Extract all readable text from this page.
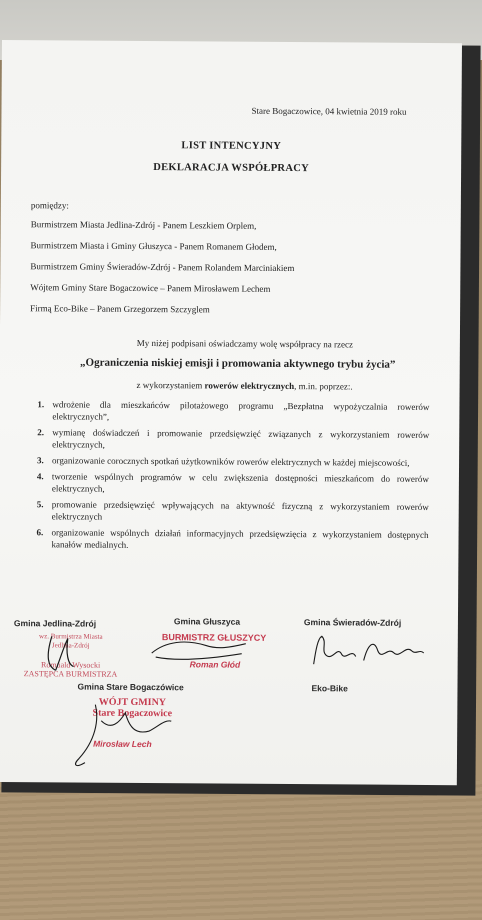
Stare Bogaczowice, 04 kwietnia 2019 roku
LIST INTENCYJNY
DEKLARACJA WSPÓŁPRACY
pomiędzy:
Burmistrzem Miasta Jedlina-Zdrój - Panem Leszkiem Orplem,
Burmistrzem Miasta i Gminy Głuszyca - Panem Romanem Głodem,
Burmistrzem Gminy Świeradów-Zdrój - Panem Rolandem Marciniakiem
Wójtem Gminy Stare Bogaczowice – Panem Mirosławem Lechem
Firmą Eco-Bike – Panem Grzegorzem Szczyglem
My niżej podpisani oświadczamy wolę współpracy na rzecz
„Ograniczenia niskiej emisji i promowania aktywnego trybu życia”
z wykorzystaniem rowerów elektrycznych, m.in. poprzez:.
1. wdrożenie dla mieszkańców pilotażowego programu „Bezpłatna wypożyczalnia rowerów elektrycznych”,
2. wymianę doświadczeń i promowanie przedsięwzięć związanych z wykorzystaniem rowerów elektrycznych,
3. organizowanie corocznych spotkań użytkowników rowerów elektrycznych w każdej miejscowości,
4. tworzenie wspólnych programów w celu zwiększenia dostępności mieszkańcom do rowerów elektrycznych,
5. promowanie przedsięwzięć wpływających na aktywność fizyczną z wykorzystaniem rowerów elektrycznych
6. organizowanie wspólnych działań informacyjnych przedsięwzięcia z wykorzystaniem dostępnych kanałów medialnych.
Gmina Jedlina-Zdrój
wz. Burmistrza Miasta
Jedlina-Zdrój
Romuald Wysocki
ZASTĘPCA BURMISTRZA
Gmina Głuszyca
BURMISTRZ GŁUSZYCY
Roman Głód
Gmina Świeradów-Zdrój
Gmina Stare Bogaczówice
WÓJT GMINY
Stare Bogaczowice
Mirosław Lech
Eko-Bike
